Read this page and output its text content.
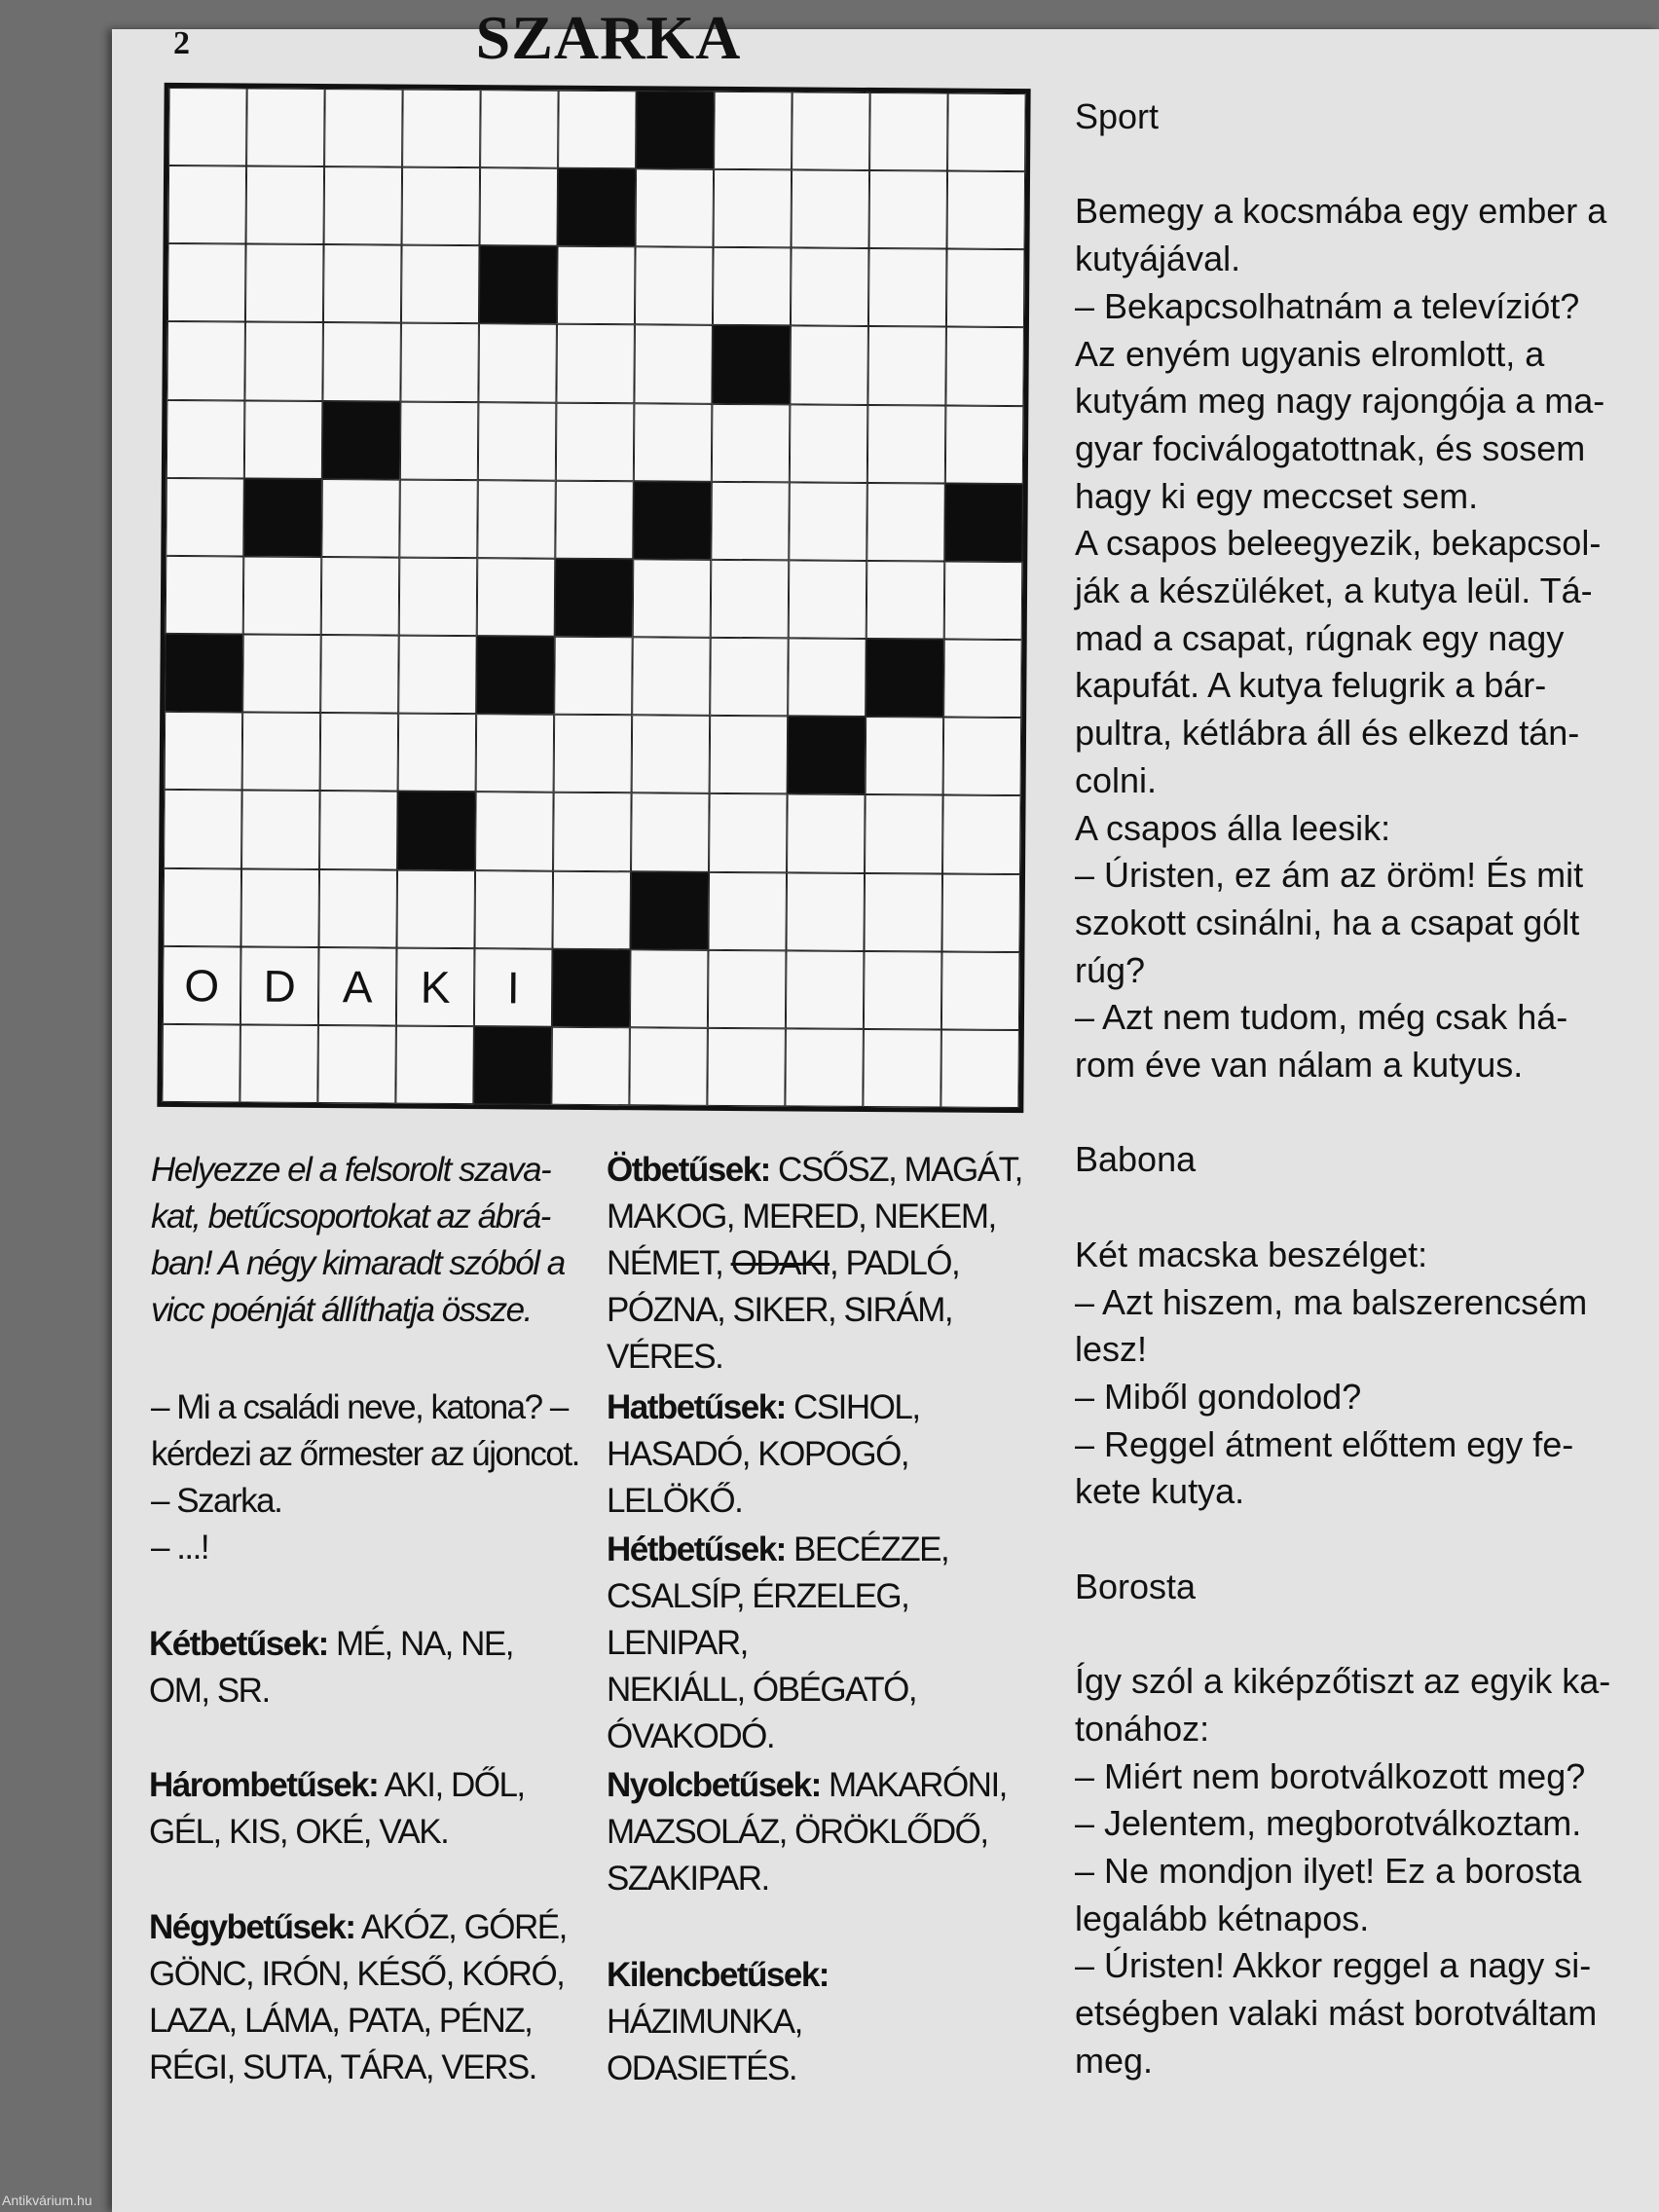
2	SZARKA
O D	A	K	I
Helyezze el a felsorolt szava-
kat, betűcsoportokat az ábrá-
ban! A négy kimaradt szóból a
vicc poénját állíthatja össze.
– Mi a családi neve, katona? –
kérdezi az őrmester az újoncot.
– Szarka.
– ...!
Kétbetűsek: MÉ, NA, NE,
OM, SR.
Hárombetűsek: AKI, DŐL,
GÉL, KIS, OKÉ, VAK.
Négybetűsek: AKÓZ, GÓRÉ,
GÖNC, IRÓN, KÉSŐ, KÓRÓ,
LAZA, LÁMA, PATA, PÉNZ,
RÉGI, SUTA, TÁRA, VERS.
Ötbetűsek: CSŐSZ, MAGÁT,
MAKOG, MERED, NEKEM,
NÉMET, ODAKI, PADLÓ,
PÓZNA, SIKER, SIRÁM, VÉRES.
Hatbetűsek: CSIHOL,
HASADÓ, KOPOGÓ, LELÖKŐ.
Hétbetűsek: BECÉZZE,
CSALSÍP, ÉRZELEG, LENIPAR,
NEKIÁLL, ÓBÉGATÓ,
ÓVAKODÓ.
Nyolcbetűsek: MAKARÓNI,
MAZSOLÁZ, ÖRÖKLŐDŐ,
SZAKIPAR.
Kilencbetűsek:
HÁZIMUNKA,
ODASIETÉS.

Sport

Bemegy a kocsmába egy ember a

kutyájával.

– Bekapcsolhatnám a televíziót?

Az enyém ugyanis elromlott, a

kutyám meg nagy rajongója a ma-

gyar fociválogatottnak, és sosem

hagy ki egy meccset sem.

A csapos beleegyezik, bekapcsol-

ják a készüléket, a kutya leül. Tá-

mad a csapat, rúgnak egy nagy

kapufát. A kutya felugrik a bár-

pultra, kétlábra áll és elkezd tán-

colni.

A csapos álla leesik:

– Úristen, ez ám az öröm! És mit

szokott csinálni, ha a csapat gólt

rúg?

– Azt nem tudom, még csak há-

rom éve van nálam a kutyus.

Babona

Két macska beszélget:

– Azt hiszem, ma balszerencsém

lesz!

– Miből gondolod?

– Reggel átment előttem egy fe-

kete kutya.

Borosta

Így szól a kiképzőtiszt az egyik ka-

tonához:

– Miért nem borotválkozott meg?

– Jelentem, megborotválkoztam.

– Ne mondjon ilyet! Ez a borosta

legalább kétnapos.

– Úristen! Akkor reggel a nagy si-

etségben valaki mást borotváltam

meg.

Antikvárium.hu
